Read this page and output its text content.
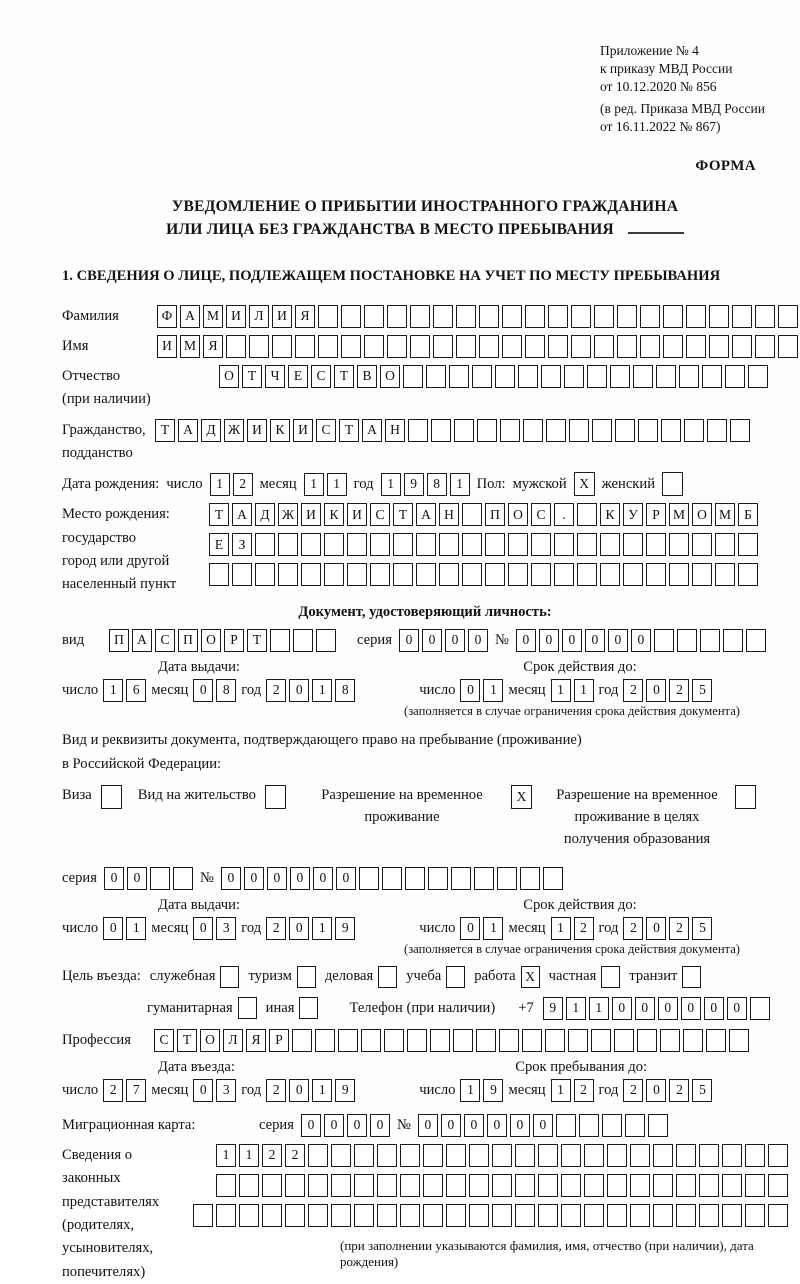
Приложение № 4
к приказу МВД России
от 10.12.2020 № 856
(в ред. Приказа МВД России
от 16.11.2022 № 867)
ФОРМА
УВЕДОМЛЕНИЕ О ПРИБЫТИИ ИНОСТРАННОГО ГРАЖДАНИНА
ИЛИ ЛИЦА БЕЗ ГРАЖДАНСТВА В МЕСТО ПРЕБЫВАНИЯ
1. СВЕДЕНИЯ О ЛИЦЕ, ПОДЛЕЖАЩЕМ ПОСТАНОВКЕ НА УЧЕТ ПО МЕСТУ ПРЕБЫВАНИЯ
Фамилия	Ф А М И	Л	И	Я
Имя	И М Я
Отчество
(при наличии)
О	Т	Ч	Е	С	Т	В	О
Гражданство,
подданство
Т	А	Д Ж И	К	И	С	Т	А Н
Дата рождения: число	1	2 месяц	1	1 год	1	9	8	1 Пол: мужской X женский
Место рождения:
государство
город или другой
населенный пункт
Т	А	Д Ж И	К	И	С	Т	А Н	П О	С	.	К	У	Р М О М Б
Е	З
Документ, удостоверяющий личность:
вид	П А	С	П О	Р	Т	серия	0	0	0	0 №	0	0	0	0	0	0
Дата выдачи:
число 1	6 месяц 0	8 год 2	0	1	8
Срок действия до:
число 0	1 месяц 1	1 год 2	0	2	5
(заполняется в случае ограничения срока действия документа)
Вид и реквизиты документа, подтверждающего право на пребывание (проживание)
в Российской Федерации:
Виза	Вид на жительство	Разрешение на временное проживание
X	Разрешение на временное проживание в целях получения образования
серия	0	0	№	0	0	0	0	0	0
Дата выдачи:
число 0	1 месяц 0	3 год 2	0	1	9
Срок действия до:
число 0	1 месяц 1	2 год 2	0	2	5
(заполняется в случае ограничения срока действия документа)
Цель въезда: служебная туризм деловая учеба работа X частная транзит
гуманитарная иная	Телефон (при наличии) +7	9	1	1	0	0	0	0	0	0
Профессия	С	Т	О	Л	Я	Р
Дата въезда:
число 2	7 месяц 0	3 год 2	0	1	9
Срок пребывания до:
число 1	9 месяц 1	2 год 2	0	2	5
Миграционная карта:	серия	0	0	0	0 №	0	0	0	0	0	0
Сведения о
законных
представителях
(родителях,
усыновителях,
попечителях)
1	1	2	2
(при заполнении указываются фамилия, имя, отчество (при наличии), дата рождения)
